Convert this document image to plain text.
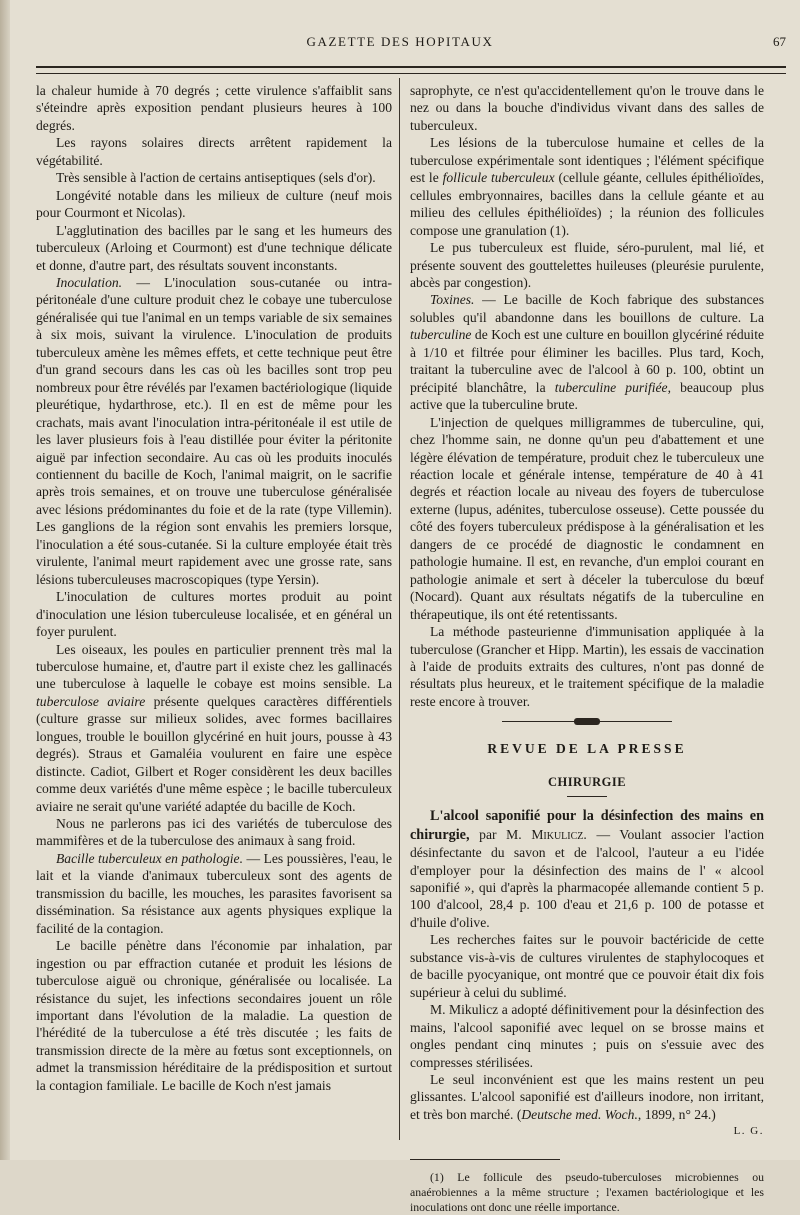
GAZETTE DES HOPITAUX	67

la chaleur humide à 70 degrés ; cette virulence s'affaiblit sans s'éteindre après exposition pendant plusieurs heures à 100 degrés.

Les rayons solaires directs arrêtent rapidement la végétabilité.

Très sensible à l'action de certains antiseptiques (sels d'or).

Longévité notable dans les milieux de culture (neuf mois pour Courmont et Nicolas).

L'agglutination des bacilles par le sang et les humeurs des tuberculeux (Arloing et Courmont) est d'une technique délicate et donne, d'autre part, des résultats souvent inconstants.

Inoculation. — L'inoculation sous-cutanée ou intra-péritonéale d'une culture produit chez le cobaye une tuberculose généralisée qui tue l'animal en un temps variable de six semaines à six mois, suivant la virulence. L'inoculation de produits tuberculeux amène les mêmes effets, et cette technique peut être d'un grand secours dans les cas où les bacilles sont trop peu nombreux pour être révélés par l'examen bactériologique (liquide pleurétique, hydarthrose, etc.). Il en est de même pour les crachats, mais avant l'inoculation intra-péritonéale il est utile de les laver plusieurs fois à l'eau distillée pour éviter la péritonite aiguë par infection secondaire. Au cas où les produits inoculés contiennent du bacille de Koch, l'animal maigrit, on le sacrifie après trois semaines, et on trouve une tuberculose généralisée avec lésions prédominantes du foie et de la rate (type Villemin). Les ganglions de la région sont envahis les premiers lorsque, l'inoculation a été sous-cutanée. Si la culture employée était très virulente, l'animal meurt rapidement avec une grosse rate, sans lésions tuberculeuses macroscopiques (type Yersin).

L'inoculation de cultures mortes produit au point d'inoculation une lésion tuberculeuse localisée, et en général un foyer purulent.

Les oiseaux, les poules en particulier prennent très mal la tuberculose humaine, et, d'autre part il existe chez les gallinacés une tuberculose à laquelle le cobaye est moins sensible. La tuberculose aviaire présente quelques caractères différentiels (culture grasse sur milieux solides, avec formes bacillaires longues, trouble le bouillon glycériné en huit jours, pousse à 43 degrés). Straus et Gamaléia voulurent en faire une espèce distincte. Cadiot, Gilbert et Roger considèrent les deux bacilles comme deux variétés d'une même espèce ; le bacille tuberculeux aviaire ne serait qu'une variété adaptée du bacille de Koch.

Nous ne parlerons pas ici des variétés de tuberculose des mammifères et de la tuberculose des animaux à sang froid.

Bacille tuberculeux en pathologie. — Les poussières, l'eau, le lait et la viande d'animaux tuberculeux sont des agents de transmission du bacille, les mouches, les parasites favorisent sa dissémination. Sa résistance aux agents physiques explique la facilité de la contagion.

Le bacille pénètre dans l'économie par inhalation, par ingestion ou par effraction cutanée et produit les lésions de tuberculose aiguë ou chronique, généralisée ou localisée. La résistance du sujet, les infections secondaires jouent un rôle important dans l'évolution de la maladie. La question de l'hérédité de la tuberculose a été très discutée ; les faits de transmission directe de la mère au fœtus sont exceptionnels, on admet la transmission héréditaire de la prédisposition et surtout la contagion familiale. Le bacille de Koch n'est jamais

saprophyte, ce n'est qu'accidentellement qu'on le trouve dans le nez ou dans la bouche d'individus vivant dans des salles de tuberculeux.

Les lésions de la tuberculose humaine et celles de la tuberculose expérimentale sont identiques ; l'élément spécifique est le follicule tuberculeux (cellule géante, cellules épithélioïdes, cellules embryonnaires, bacilles dans la cellule géante et au milieu des cellules épithélioïdes) ; la réunion des follicules compose une granulation (1).

Le pus tuberculeux est fluide, séro-purulent, mal lié, et présente souvent des gouttelettes huileuses (pleurésie purulente, abcès par congestion).

Toxines. — Le bacille de Koch fabrique des substances solubles qu'il abandonne dans les bouillons de culture. La tuberculine de Koch est une culture en bouillon glycériné réduite à 1/10 et filtrée pour éliminer les bacilles. Plus tard, Koch, traitant la tuberculine avec de l'alcool à 60 p. 100, obtint un précipité blanchâtre, la tuberculine purifiée, beaucoup plus active que la tuberculine brute.

L'injection de quelques milligrammes de tuberculine, qui, chez l'homme sain, ne donne qu'un peu d'abattement et une légère élévation de température, produit chez le tuberculeux une réaction locale et générale intense, température de 40 à 41 degrés et réaction locale au niveau des foyers de tuberculose externe (lupus, adénites, tuberculose osseuse). Cette poussée du côté des foyers tuberculeux prédispose à la généralisation et les dangers de ce procédé de diagnostic le condamnent en pathologie humaine. Il est, en revanche, d'un emploi courant en pathologie animale et sert à déceler la tuberculose du bœuf (Nocard). Quant aux résultats négatifs de la tuberculine en thérapeutique, ils ont été retentissants.

La méthode pasteurienne d'immunisation appliquée à la tuberculose (Grancher et Hipp. Martin), les essais de vaccination à l'aide de produits extraits des cultures, n'ont pas donné de résultats plus heureux, et le traitement spécifique de la maladie reste encore à trouver.

REVUE DE LA PRESSE
CHIRURGIE

L'alcool saponifié pour la désinfection des mains en chirurgie, par M. Mikulicz. — Voulant associer l'action désinfectante du savon et de l'alcool, l'auteur a eu l'idée d'employer pour la désinfection des mains de l' « alcool saponifié », qui d'après la pharmacopée allemande contient 5 p. 100 d'alcool, 28,4 p. 100 d'eau et 21,6 p. 100 de potasse et d'huile d'olive.

Les recherches faites sur le pouvoir bactéricide de cette substance vis-à-vis de cultures virulentes de staphylocoques et de bacille pyocyanique, ont montré que ce pouvoir était dix fois supérieur à celui du sublimé.

M. Mikulicz a adopté définitivement pour la désinfection des mains, l'alcool saponifié avec lequel on se brosse mains et ongles pendant cinq minutes ; puis on s'essuie avec des compresses stérilisées.

Le seul inconvénient est que les mains restent un peu glissantes. L'alcool saponifié est d'ailleurs inodore, non irritant, et très bon marché. (Deutsche med. Woch., 1899, n° 24.)

L. G.

(1) Le follicule des pseudo-tuberculoses microbiennes ou anaérobiennes a la même structure ; l'examen bactériologique et les inoculations ont donc une réelle importance.
